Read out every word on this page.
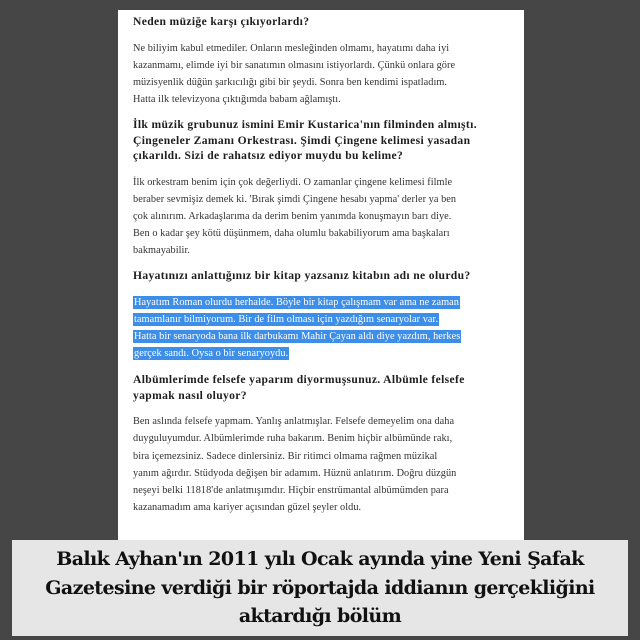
Neden müziğe karşı çıkıyorlardı?
Ne biliyim kabul etmediler. Onların mesleğinden olmamı, hayatımı daha iyi
kazanmamı, elimde iyi bir sanatımın olmasını istiyorlardı. Çünkü onlara göre
müzisyenlik düğün şarkıcılığı gibi bir şeydi. Sonra ben kendimi ispatladım.
Hatta ilk televizyona çıktığımda babam ağlamıştı.
İlk müzik grubunuz ismini Emir Kustarica'nın filminden almıştı.
Çingeneler Zamanı Orkestrası. Şimdi Çingene kelimesi yasadan
çıkarıldı. Sizi de rahatsız ediyor muydu bu kelime?
İlk orkestram benim için çok değerliydi. O zamanlar çingene kelimesi filmle
beraber sevmişiz demek ki. 'Bırak şimdi Çingene hesabı yapma' derler ya ben
çok alınırım. Arkadaşlarıma da derim benim yanımda konuşmayın barı diye.
Ben o kadar şey kötü düşünmem, daha olumlu bakabiliyorum ama başkaları
bakmayabilir.
Hayatınızı anlattığınız bir kitap yazsanız kitabın adı ne olurdu?
Hayatım Roman olurdu herhalde. Böyle bir kitap çalışmam var ama ne zaman
tamamlanır bilmiyorum. Bir de film olması için yazdığım senaryolar var.
Hatta bir senaryoda bana ilk darbukamı Mahir Çayan aldı diye yazdım, herkes
gerçek sandı. Oysa o bir senaryoydu.
Albümlerimde felsefe yaparım diyormuşsunuz. Albümle felsefe
yapmak nasıl oluyor?
Ben aslında felsefe yapmam. Yanlış anlatmışlar. Felsefe demeyelim ona daha
duyguluyumdur. Albümlerimde ruha bakarım. Benim hiçbir albümünde rakı,
bira içemezsiniz. Sadece dinlersiniz. Bir ritimci olmama rağmen müzikal
yanım ağırdır. Stüdyoda değişen bir adamım. Hüznü anlatırım. Doğru düzgün
neşeyi belki 11818'de anlatmışımdır. Hiçbir enstrümantal albümümden para
kazanamadım ama kariyer açısından güzel şeyler oldu.
Balık Ayhan'ın 2011 yılı Ocak ayında yine Yeni Şafak
Gazetesine verdiği bir röportajda iddianın gerçekliğini
aktardığı bölüm
